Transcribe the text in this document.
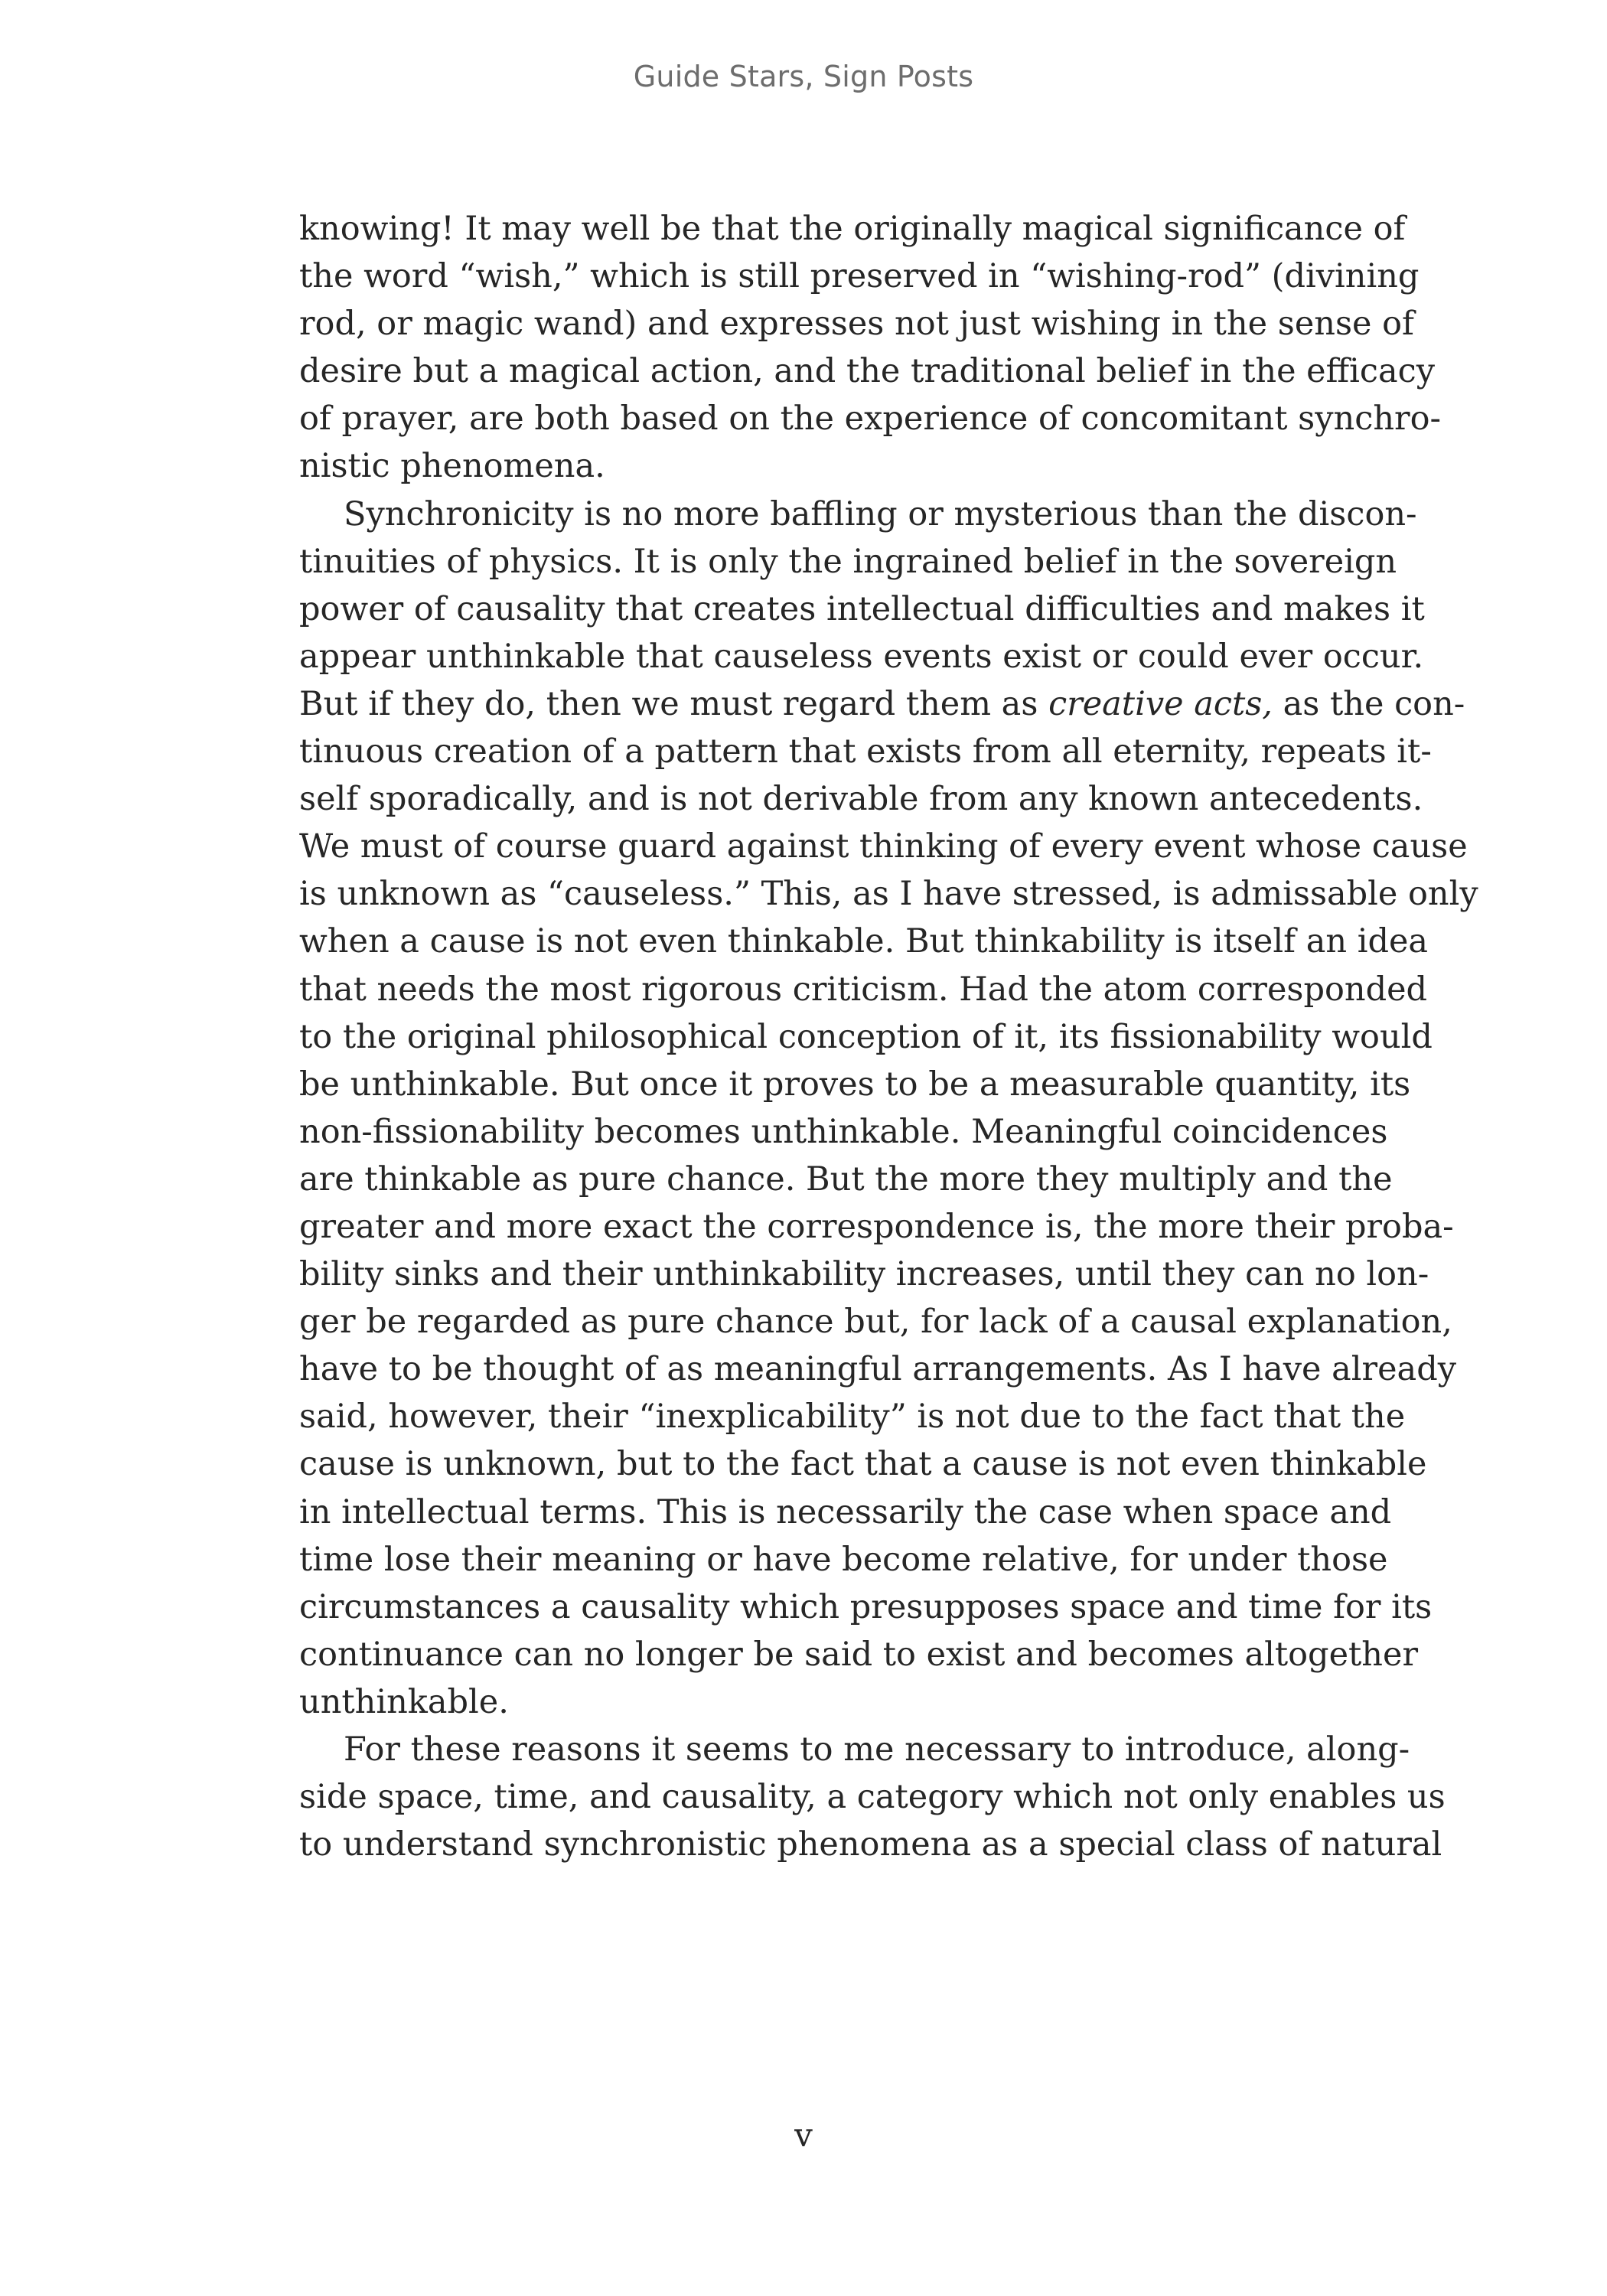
Guide Stars, Sign Posts
knowing! It may well be that the originally magical significance of
the word “wish,” which is still preserved in “wishing-rod” (divining
rod, or magic wand) and expresses not just wishing in the sense of
desire but a magical action, and the traditional belief in the efficacy
of prayer, are both based on the experience of concomitant synchro-
nistic phenomena.
Synchronicity is no more baffling or mysterious than the discon-
tinuities of physics. It is only the ingrained belief in the sovereign
power of causality that creates intellectual difficulties and makes it
appear unthinkable that causeless events exist or could ever occur.
But if they do, then we must regard them as creative acts, as the con-
tinuous creation of a pattern that exists from all eternity, repeats it-
self sporadically, and is not derivable from any known antecedents.
We must of course guard against thinking of every event whose cause
is unknown as “causeless.” This, as I have stressed, is admissable only
when a cause is not even thinkable. But thinkability is itself an idea
that needs the most rigorous criticism. Had the atom corresponded
to the original philosophical conception of it, its fissionability would
be unthinkable. But once it proves to be a measurable quantity, its
non-fissionability becomes unthinkable. Meaningful coincidences
are thinkable as pure chance. But the more they multiply and the
greater and more exact the correspondence is, the more their proba-
bility sinks and their unthinkability increases, until they can no lon-
ger be regarded as pure chance but, for lack of a causal explanation,
have to be thought of as meaningful arrangements. As I have already
said, however, their “inexplicability” is not due to the fact that the
cause is unknown, but to the fact that a cause is not even thinkable
in intellectual terms. This is necessarily the case when space and
time lose their meaning or have become relative, for under those
circumstances a causality which presupposes space and time for its
continuance can no longer be said to exist and becomes altogether
unthinkable.
For these reasons it seems to me necessary to introduce, along-
side space, time, and causality, a category which not only enables us
to understand synchronistic phenomena as a special class of natural
v
